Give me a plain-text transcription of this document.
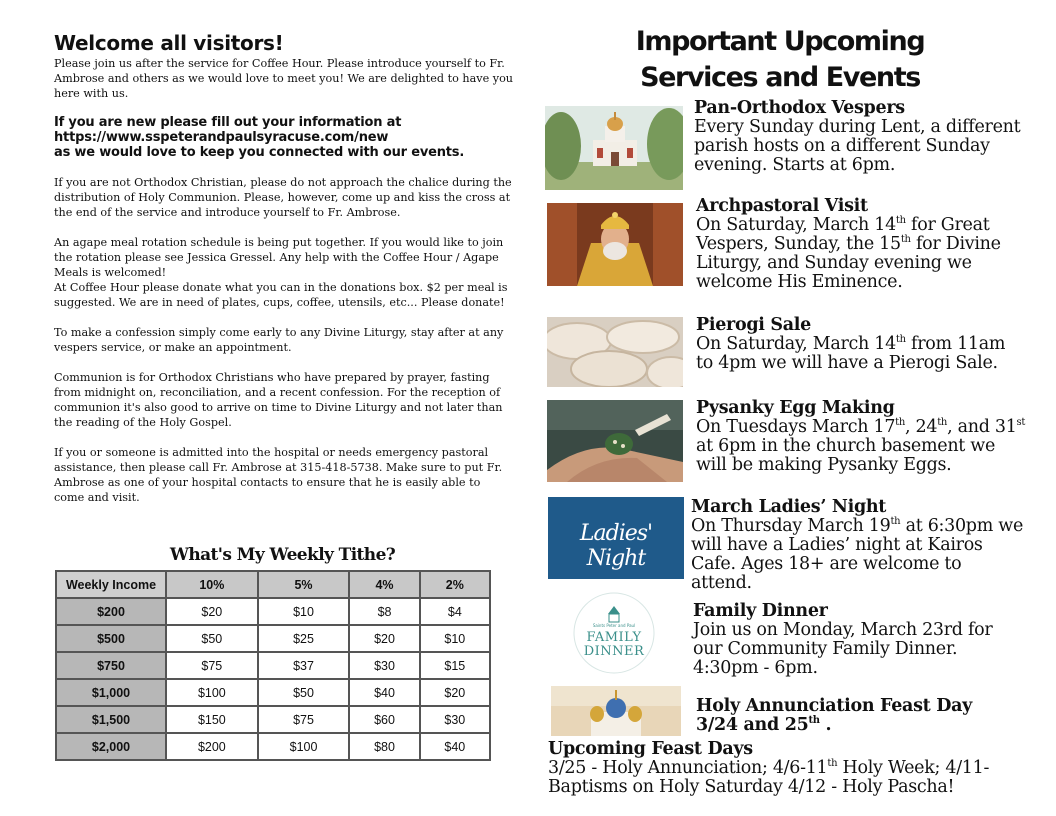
Welcome all visitors!

Please join us after the service for Coffee Hour. Please introduce yourself to Fr. Ambrose and others as we would love to meet you! We are delighted to have you here with us.

If you are new please fill out your information at
https://www.sspeterandpaulsyracuse.com/new
as we would love to keep you connected with our events.

If you are not Orthodox Christian, please do not approach the chalice during the distribution of Holy Communion. Please, however, come up and kiss the cross at the end of the service and introduce yourself to Fr. Ambrose.

An agape meal rotation schedule is being put together. If you would like to join the rotation please see Jessica Gressel. Any help with the Coffee Hour / Agape Meals is welcomed!

At Coffee Hour please donate what you can in the donations box. $2 per meal is suggested. We are in need of plates, cups, coffee, utensils, etc... Please donate!

To make a confession simply come early to any Divine Liturgy, stay after at any vespers service, or make an appointment.

Communion is for Orthodox Christians who have prepared by prayer, fasting from midnight on, reconciliation, and a recent confession. For the reception of communion it's also good to arrive on time to Divine Liturgy and not later than the reading of the Holy Gospel.

If you or someone is admitted into the hospital or needs emergency pastoral assistance, then please call Fr. Ambrose at 315-418-5738. Make sure to put Fr. Ambrose as one of your hospital contacts to ensure that he is easily able to come and visit.

What's My Weekly Tithe?
Weekly Income	10%	5%	4%	2%
$200	$20	$10	$8	$4
$500	$50	$25	$20	$10
$750	$75	$37	$30	$15
$1,000	$100	$50	$40	$20
$1,500	$150	$75	$60	$30
$2,000	$200	$100	$80	$40
Important Upcoming
Services and Events
Pan-Orthodox Vespers
Every Sunday during Lent, a different parish hosts on a different Sunday evening. Starts at 6pm.
Archpastoral Visit
On Saturday, March 14th for Great Vespers, Sunday, the 15th for Divine Liturgy, and Sunday evening we welcome His Eminence.
Pierogi Sale
On Saturday, March 14th from 11am to 4pm we will have a Pierogi Sale.
Pysanky Egg Making
On Tuesdays March 17th, 24th, and 31st at 6pm in the church basement we will be making Pysanky Eggs.
Ladies' Night
March Ladies’ Night
On Thursday March 19th at 6:30pm we will have a Ladies’ night at Kairos Cafe. Ages 18+ are welcome to attend.
Saints Peter and Paul
FAMILY
DINNER
Family Dinner
Join us on Monday, March 23rd for our Community Family Dinner. 4:30pm - 6pm.
Holy Annunciation Feast Day
3/24 and 25th .
Upcoming Feast Days
3/25 - Holy Annunciation; 4/6-11th Holy Week; 4/11- Baptisms on Holy Saturday 4/12 - Holy Pascha!
